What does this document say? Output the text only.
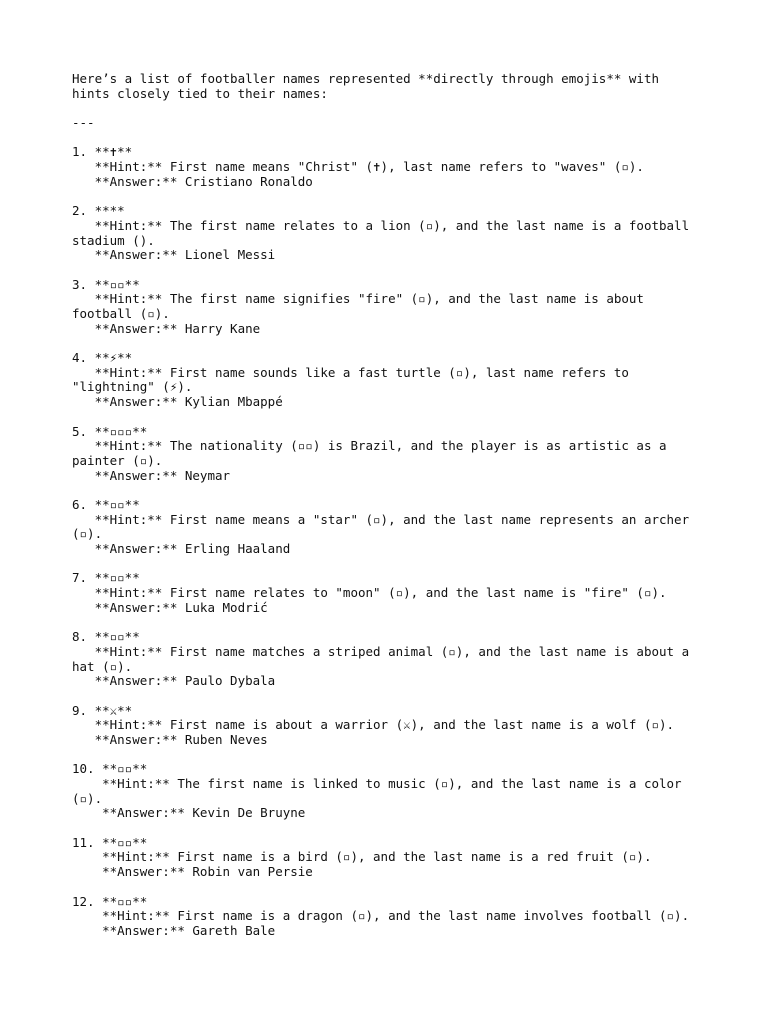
Here’s a list of footballer names represented **directly through emojis** with
hints closely tied to their names:
---
1. **✝**
**Hint:** First name means "Christ" (✝), last name refers to "waves" (▫).
**Answer:** Cristiano Ronaldo
2. ****
**Hint:** The first name relates to a lion (▫), and the last name is a football
stadium ().
**Answer:** Lionel Messi
3. **▫▫**
**Hint:** The first name signifies "fire" (▫), and the last name is about
football (▫).
**Answer:** Harry Kane
4. **⚡**
**Hint:** First name sounds like a fast turtle (▫), last name refers to
"lightning" (⚡).
**Answer:** Kylian Mbappé
5. **▫▫▫**
**Hint:** The nationality (▫▫) is Brazil, and the player is as artistic as a
painter (▫).
**Answer:** Neymar
6. **▫▫**
**Hint:** First name means a "star" (▫), and the last name represents an archer
(▫).
**Answer:** Erling Haaland
7. **▫▫**
**Hint:** First name relates to "moon" (▫), and the last name is "fire" (▫).
**Answer:** Luka Modrić
8. **▫▫**
**Hint:** First name matches a striped animal (▫), and the last name is about a
hat (▫).
**Answer:** Paulo Dybala
9. **⚔**
**Hint:** First name is about a warrior (⚔), and the last name is a wolf (▫).
**Answer:** Ruben Neves
10. **▫▫**
**Hint:** The first name is linked to music (▫), and the last name is a color
(▫).
**Answer:** Kevin De Bruyne
11. **▫▫**
**Hint:** First name is a bird (▫), and the last name is a red fruit (▫).
**Answer:** Robin van Persie
12. **▫▫**
**Hint:** First name is a dragon (▫), and the last name involves football (▫).
**Answer:** Gareth Bale
